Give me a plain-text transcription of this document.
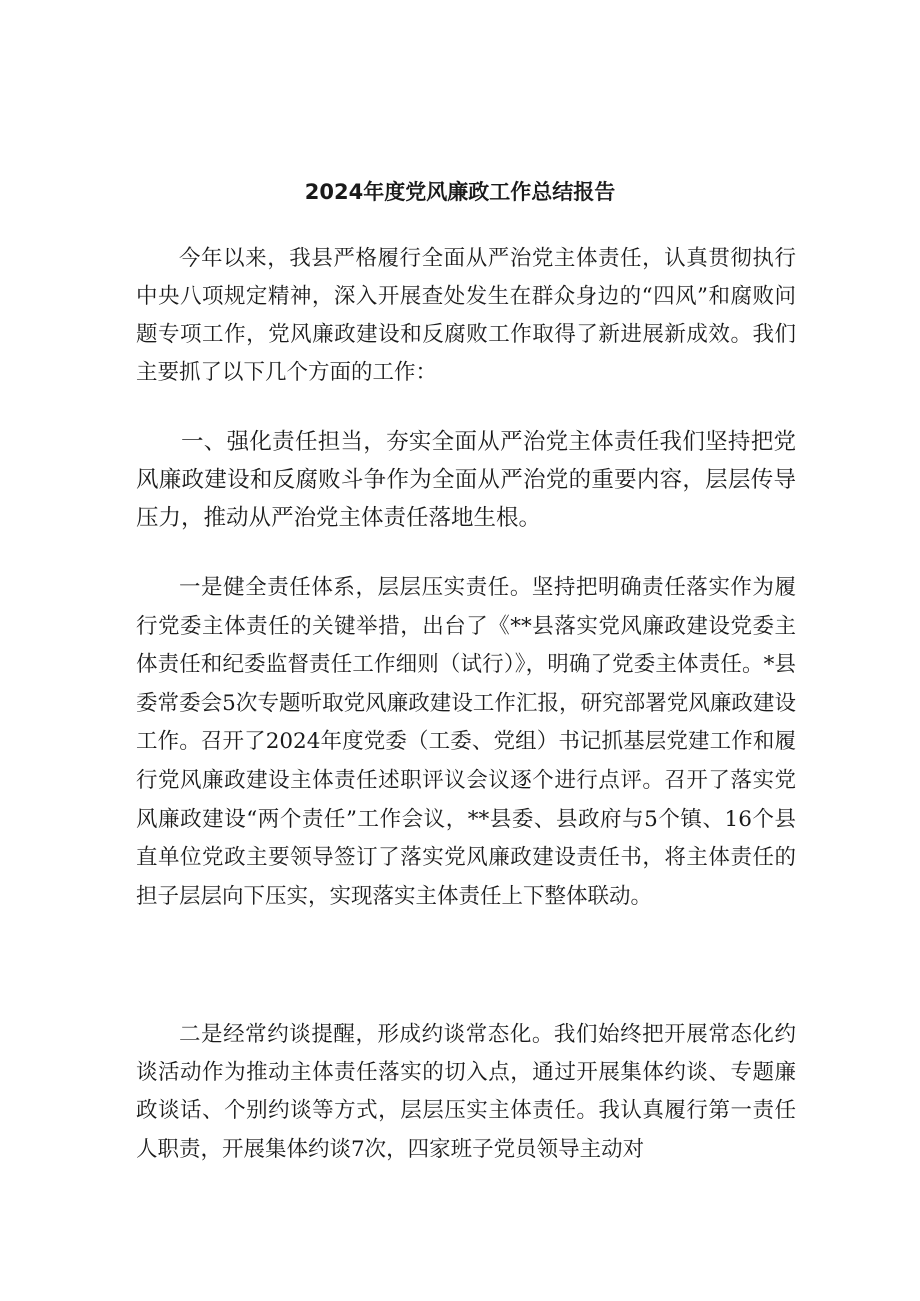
2024年度党风廉政工作总结报告

今年以来，我县严格履行全面从严治党主体责任，认真贯彻执行中央八项规定精神，深入开展查处发生在群众身边的“四风”和腐败问题专项工作，党风廉政建设和反腐败工作取得了新进展新成效。我们主要抓了以下几个方面的工作：

一、强化责任担当，夯实全面从严治党主体责任我们坚持把党风廉政建设和反腐败斗争作为全面从严治党的重要内容，层层传导压力，推动从严治党主体责任落地生根。

一是健全责任体系，层层压实责任。坚持把明确责任落实作为履行党委主体责任的关键举措，出台了《**县落实党风廉政建设党委主体责任和纪委监督责任工作细则（试行）》，明确了党委主体责任。*县委常委会5次专题听取党风廉政建设工作汇报，研究部署党风廉政建设工作。召开了2024年度党委（工委、党组）书记抓基层党建工作和履行党风廉政建设主体责任述职评议会议逐个进行点评。召开了落实党风廉政建设“两个责任”工作会议，**县委、县政府与5个镇、16个县直单位党政主要领导签订了落实党风廉政建设责任书，将主体责任的担子层层向下压实，实现落实主体责任上下整体联动。

二是经常约谈提醒，形成约谈常态化。我们始终把开展常态化约谈活动作为推动主体责任落实的切入点，通过开展集体约谈、专题廉政谈话、个别约谈等方式，层层压实主体责任。我认真履行第一责任人职责，开展集体约谈7次，四家班子党员领导主动对
